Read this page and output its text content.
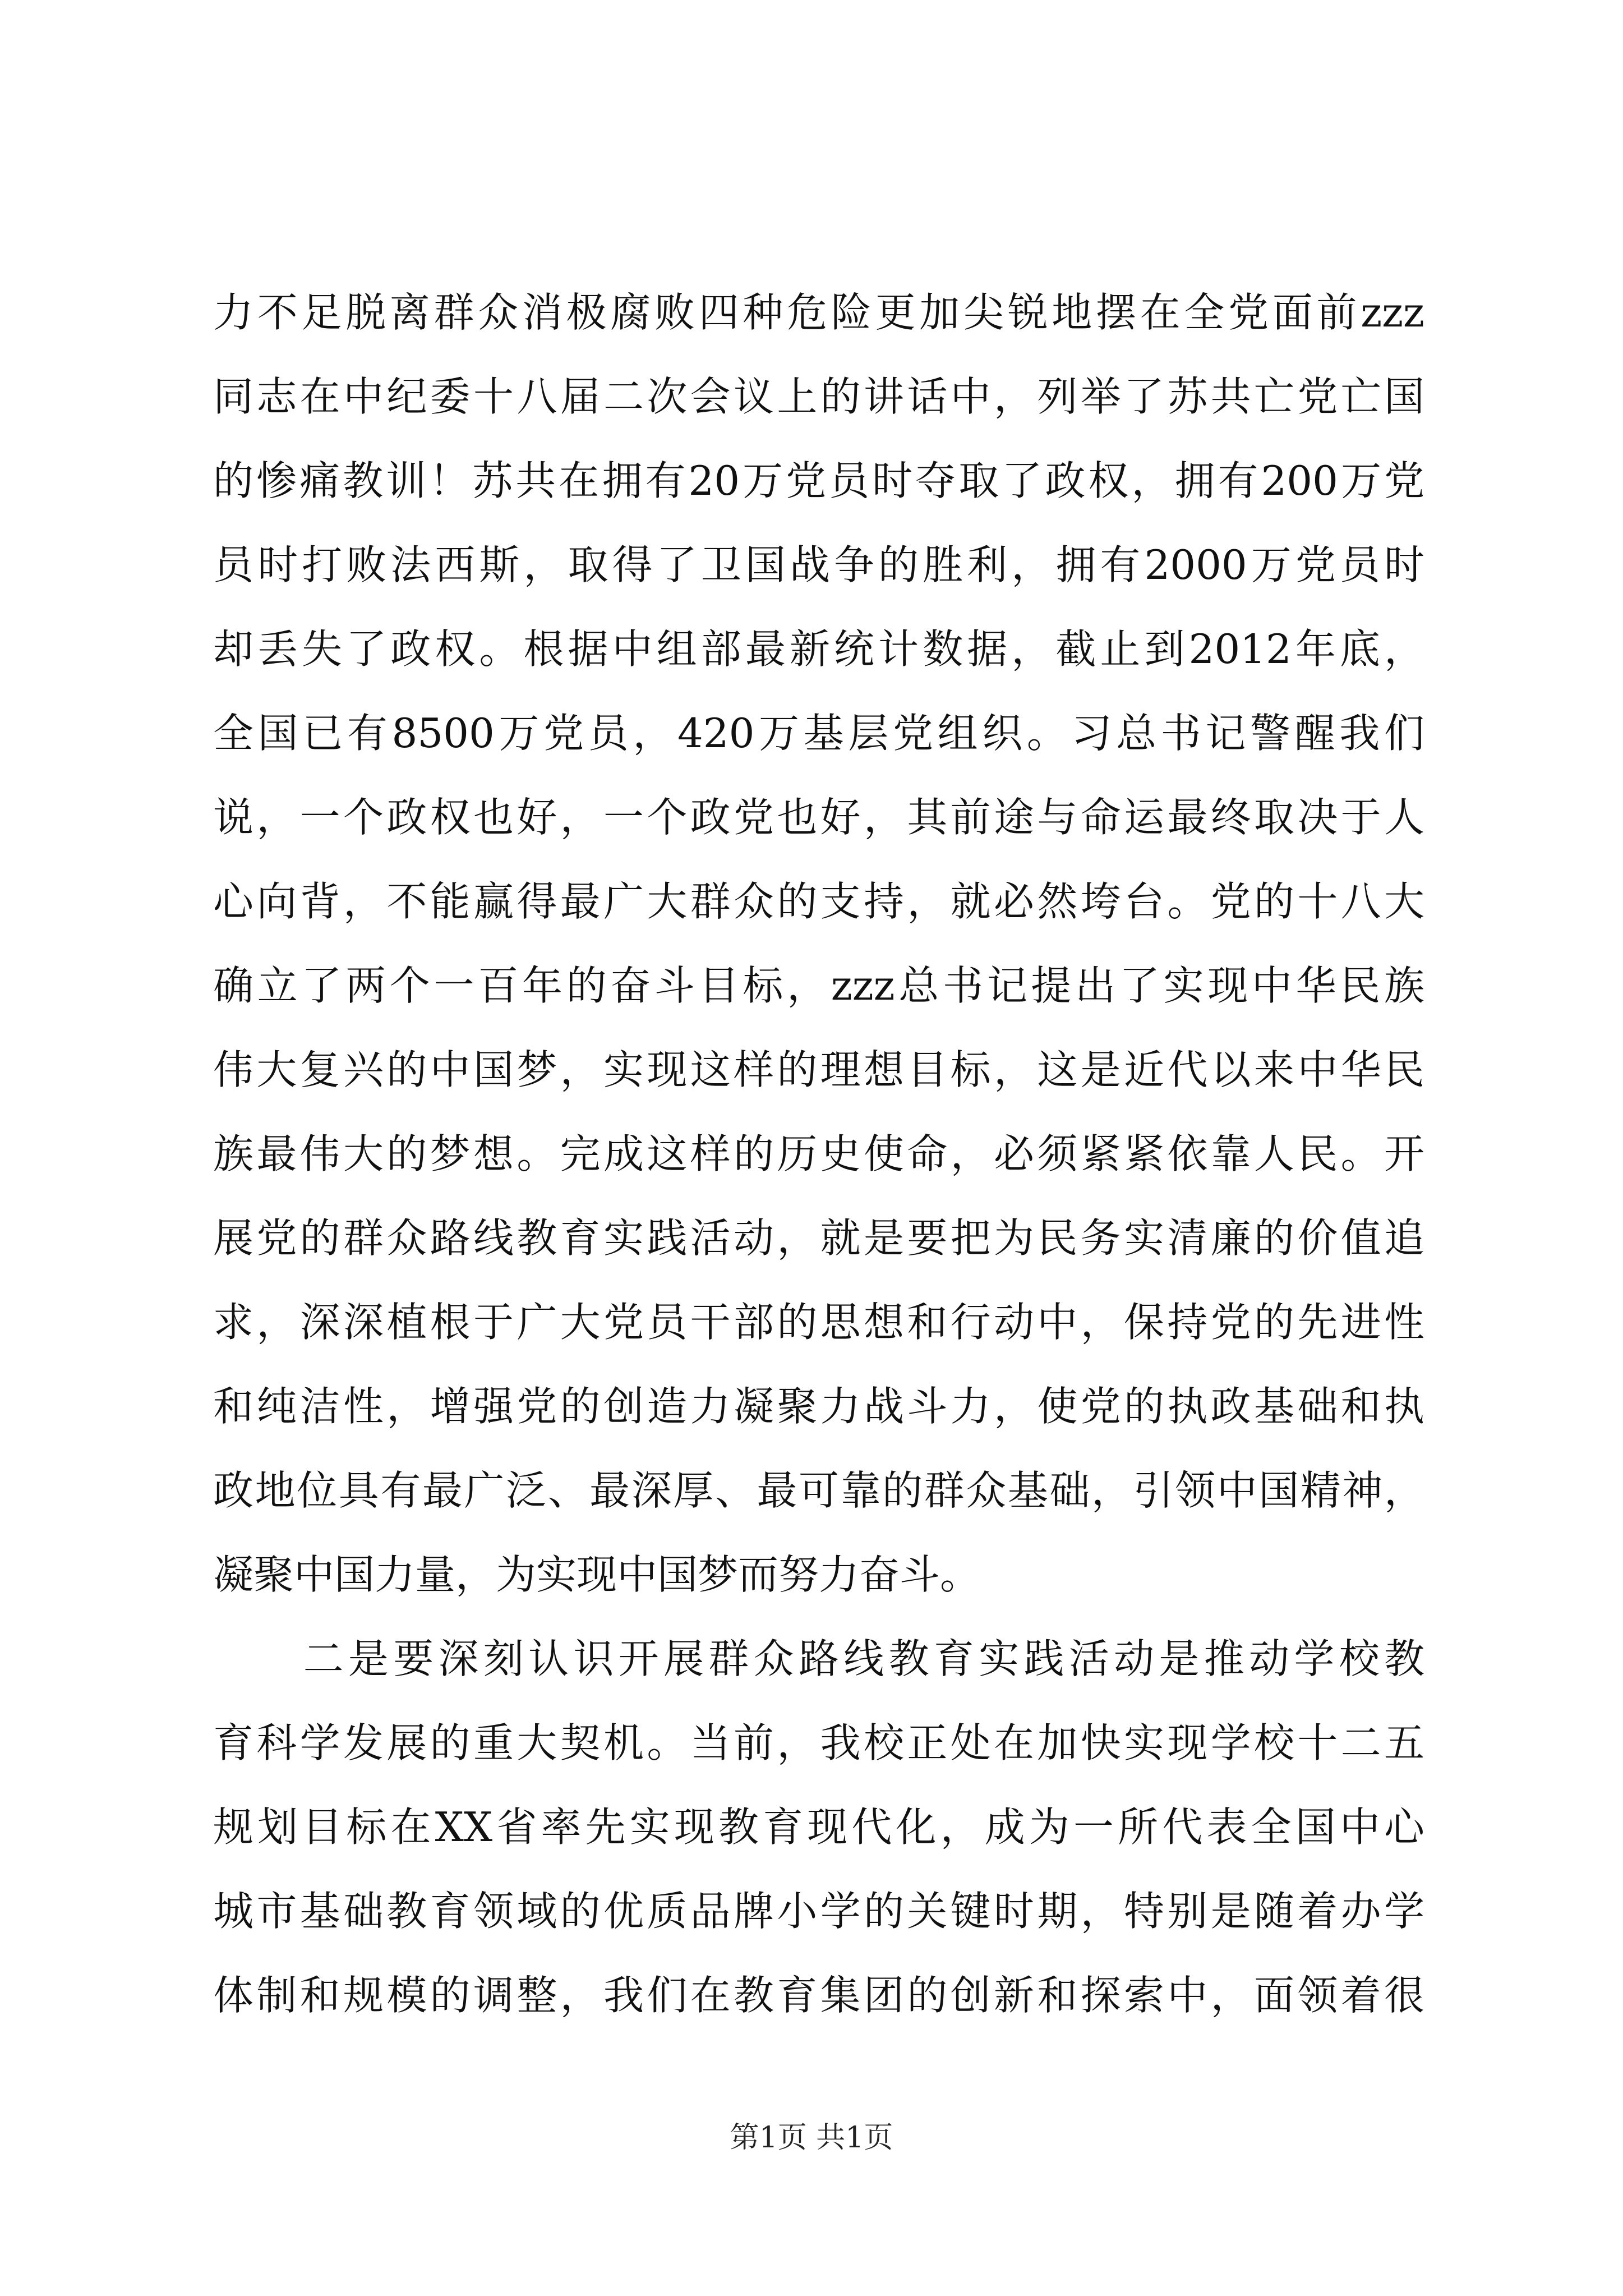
力不足脱离群众消极腐败四种危险更加尖锐地摆在全党面前zzz
同志在中纪委十八届二次会议上的讲话中，列举了苏共亡党亡国
的惨痛教训！苏共在拥有20万党员时夺取了政权，拥有200万党
员时打败法西斯，取得了卫国战争的胜利，拥有2000万党员时
却丢失了政权。根据中组部最新统计数据，截止到2012年底，
全国已有8500万党员，420万基层党组织。习总书记警醒我们
说，一个政权也好，一个政党也好，其前途与命运最终取决于人
心向背，不能赢得最广大群众的支持，就必然垮台。党的十八大
确立了两个一百年的奋斗目标，zzz总书记提出了实现中华民族
伟大复兴的中国梦，实现这样的理想目标，这是近代以来中华民
族最伟大的梦想。完成这样的历史使命，必须紧紧依靠人民。开
展党的群众路线教育实践活动，就是要把为民务实清廉的价值追
求，深深植根于广大党员干部的思想和行动中，保持党的先进性
和纯洁性，增强党的创造力凝聚力战斗力，使党的执政基础和执
政地位具有最广泛、最深厚、最可靠的群众基础，引领中国精神，
凝聚中国力量，为实现中国梦而努力奋斗。
　　二是要深刻认识开展群众路线教育实践活动是推动学校教
育科学发展的重大契机。当前，我校正处在加快实现学校十二五
规划目标在XX省率先实现教育现代化，成为一所代表全国中心
城市基础教育领域的优质品牌小学的关键时期，特别是随着办学
体制和规模的调整，我们在教育集团的创新和探索中，面领着很
第1页 共1页
